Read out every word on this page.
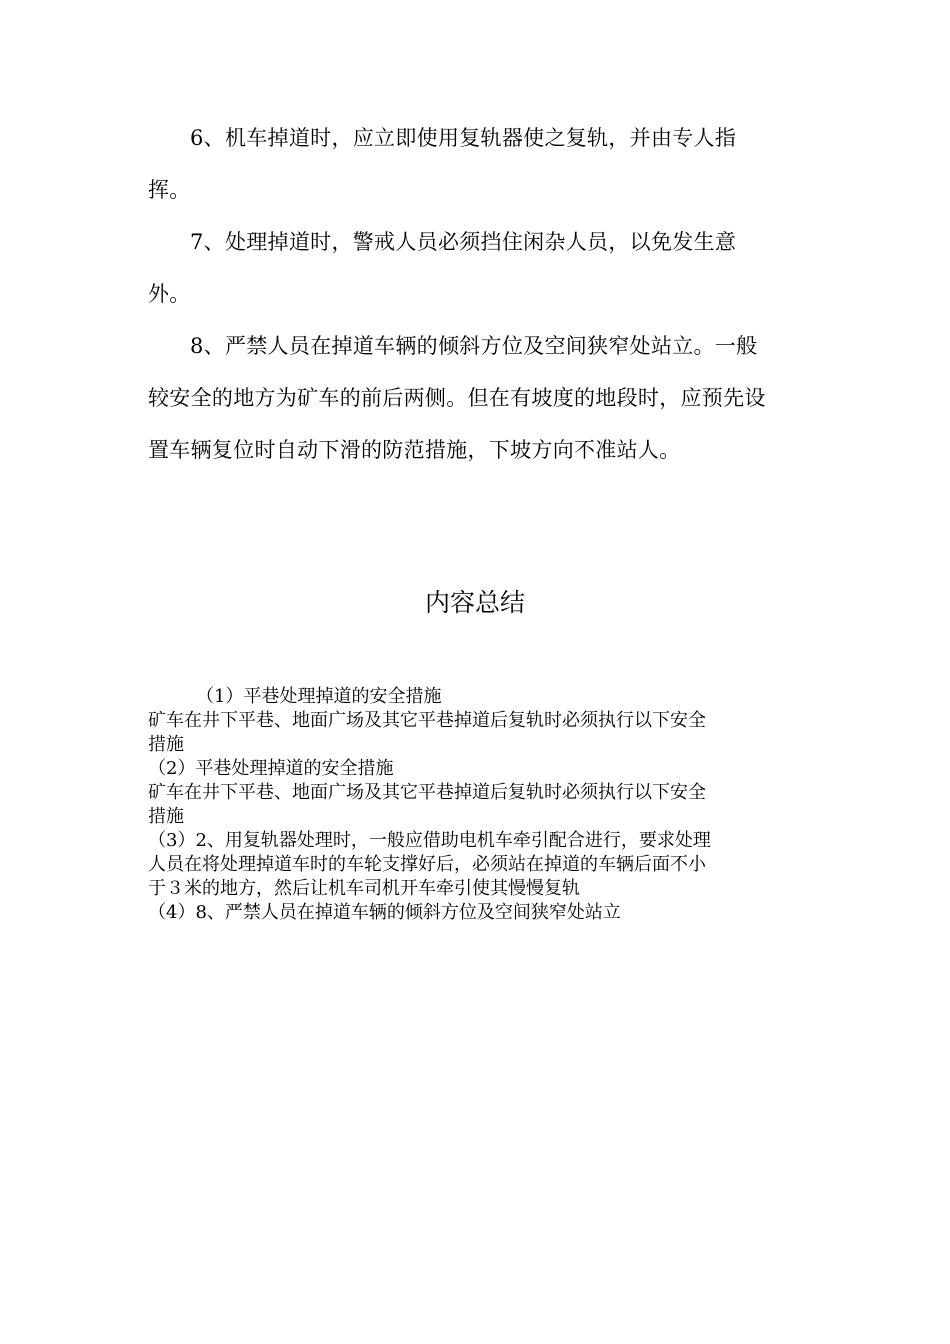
6、机车掉道时，应立即使用复轨器使之复轨，并由专人指
挥。

7、处理掉道时，警戒人员必须挡住闲杂人员，以免发生意
外。

8、严禁人员在掉道车辆的倾斜方位及空间狭窄处站立。一般
较安全的地方为矿车的前后两侧。但在有坡度的地段时，应预先设
置车辆复位时自动下滑的防范措施，下坡方向不准站人。

内容总结
（1）平巷处理掉道的安全措施
矿车在井下平巷、地面广场及其它平巷掉道后复轨时必须执行以下安全
措施
（2）平巷处理掉道的安全措施
矿车在井下平巷、地面广场及其它平巷掉道后复轨时必须执行以下安全
措施
（3）2、用复轨器处理时，一般应借助电机车牵引配合进行，要求处理
人员在将处理掉道车时的车轮支撑好后，必须站在掉道的车辆后面不小
于３米的地方，然后让机车司机开车牵引使其慢慢复轨
（4）8、严禁人员在掉道车辆的倾斜方位及空间狭窄处站立
